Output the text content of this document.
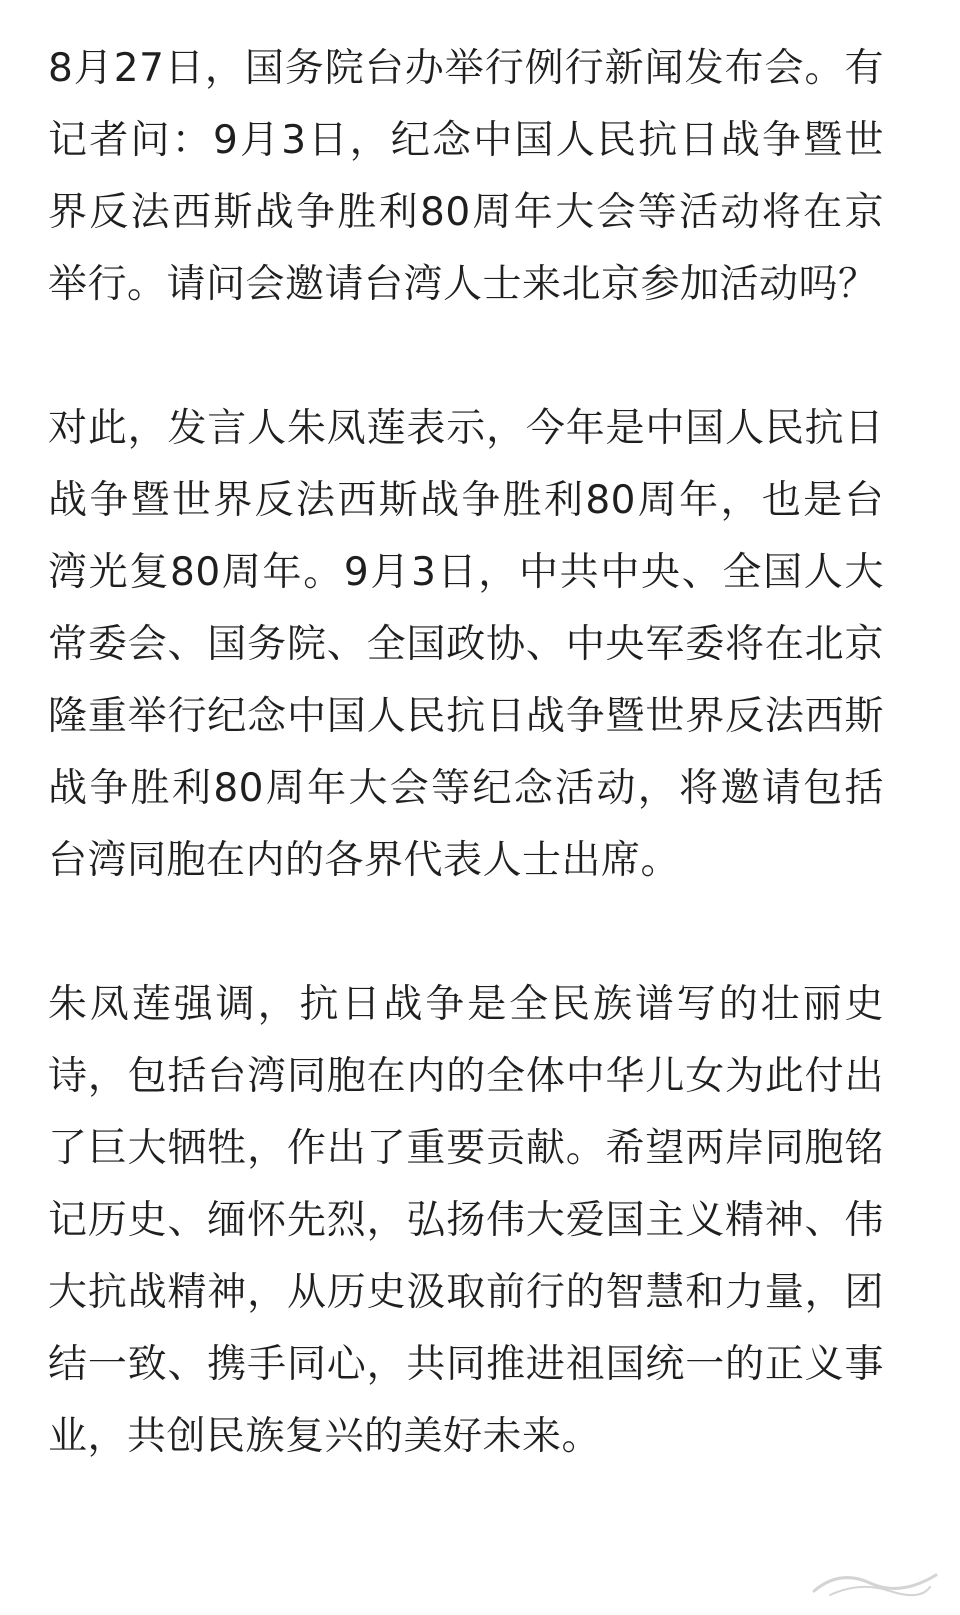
8月27日，国务院台办举行例行新闻发布会。有记者问：9月3日，纪念中国人民抗日战争暨世界反法西斯战争胜利80周年大会等活动将在京举行。请问会邀请台湾人士来北京参加活动吗？

对此，发言人朱凤莲表示，今年是中国人民抗日战争暨世界反法西斯战争胜利80周年，也是台湾光复80周年。9月3日，中共中央、全国人大常委会、国务院、全国政协、中央军委将在北京隆重举行纪念中国人民抗日战争暨世界反法西斯战争胜利80周年大会等纪念活动，将邀请包括台湾同胞在内的各界代表人士出席。

朱凤莲强调，抗日战争是全民族谱写的壮丽史诗，包括台湾同胞在内的全体中华儿女为此付出了巨大牺牲，作出了重要贡献。希望两岸同胞铭记历史、缅怀先烈，弘扬伟大爱国主义精神、伟大抗战精神，从历史汲取前行的智慧和力量，团结一致、携手同心，共同推进祖国统一的正义事业，共创民族复兴的美好未来。
